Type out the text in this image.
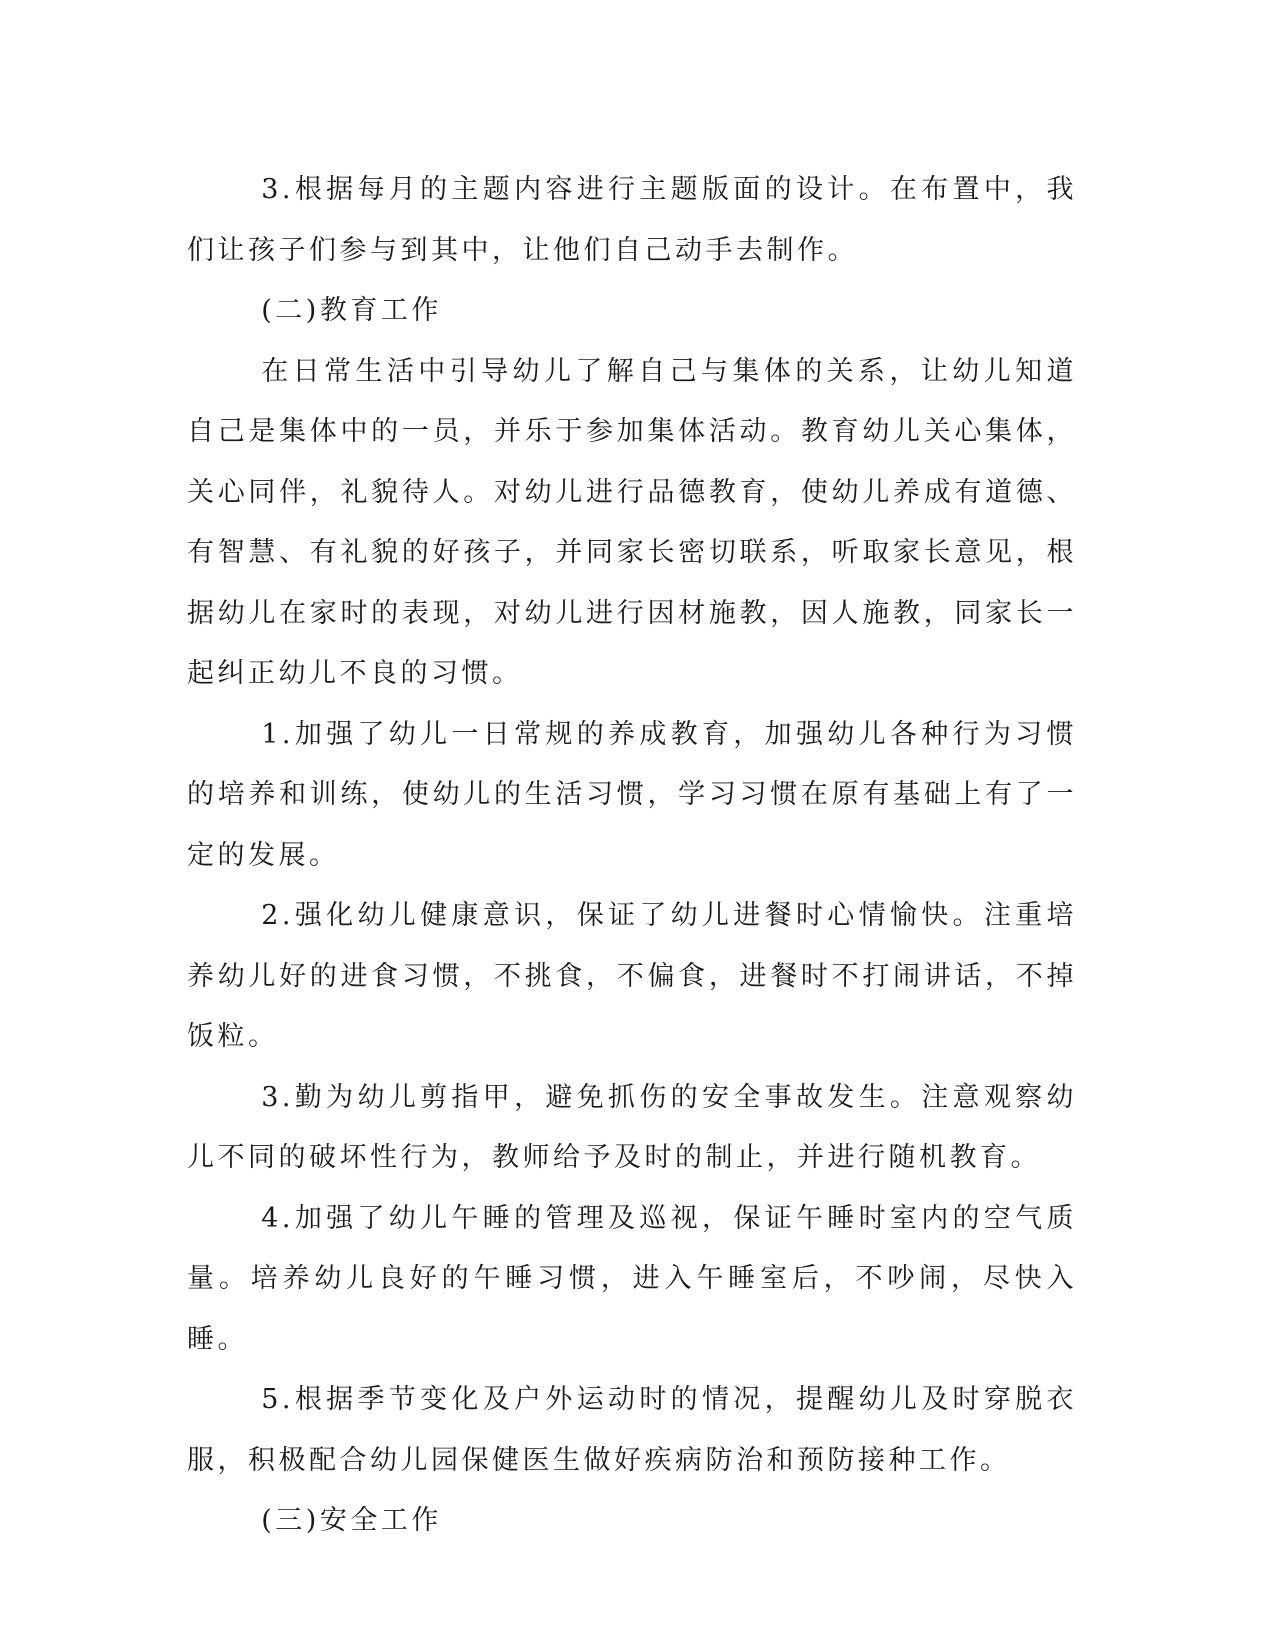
3.根据每月的主题内容进行主题版面的设计。在布置中，我们让孩子们参与到其中，让他们自己动手去制作。

(二)教育工作

在日常生活中引导幼儿了解自己与集体的关系，让幼儿知道自己是集体中的一员，并乐于参加集体活动。教育幼儿关心集体，关心同伴，礼貌待人。对幼儿进行品德教育，使幼儿养成有道德、有智慧、有礼貌的好孩子，并同家长密切联系，听取家长意见，根据幼儿在家时的表现，对幼儿进行因材施教，因人施教，同家长一起纠正幼儿不良的习惯。

1.加强了幼儿一日常规的养成教育，加强幼儿各种行为习惯的培养和训练，使幼儿的生活习惯，学习习惯在原有基础上有了一定的发展。

2.强化幼儿健康意识，保证了幼儿进餐时心情愉快。注重培养幼儿好的进食习惯，不挑食，不偏食，进餐时不打闹讲话，不掉饭粒。

3.勤为幼儿剪指甲，避免抓伤的安全事故发生。注意观察幼儿不同的破坏性行为，教师给予及时的制止，并进行随机教育。

4.加强了幼儿午睡的管理及巡视，保证午睡时室内的空气质量。培养幼儿良好的午睡习惯，进入午睡室后，不吵闹，尽快入睡。

5.根据季节变化及户外运动时的情况，提醒幼儿及时穿脱衣服，积极配合幼儿园保健医生做好疾病防治和预防接种工作。

(三)安全工作
